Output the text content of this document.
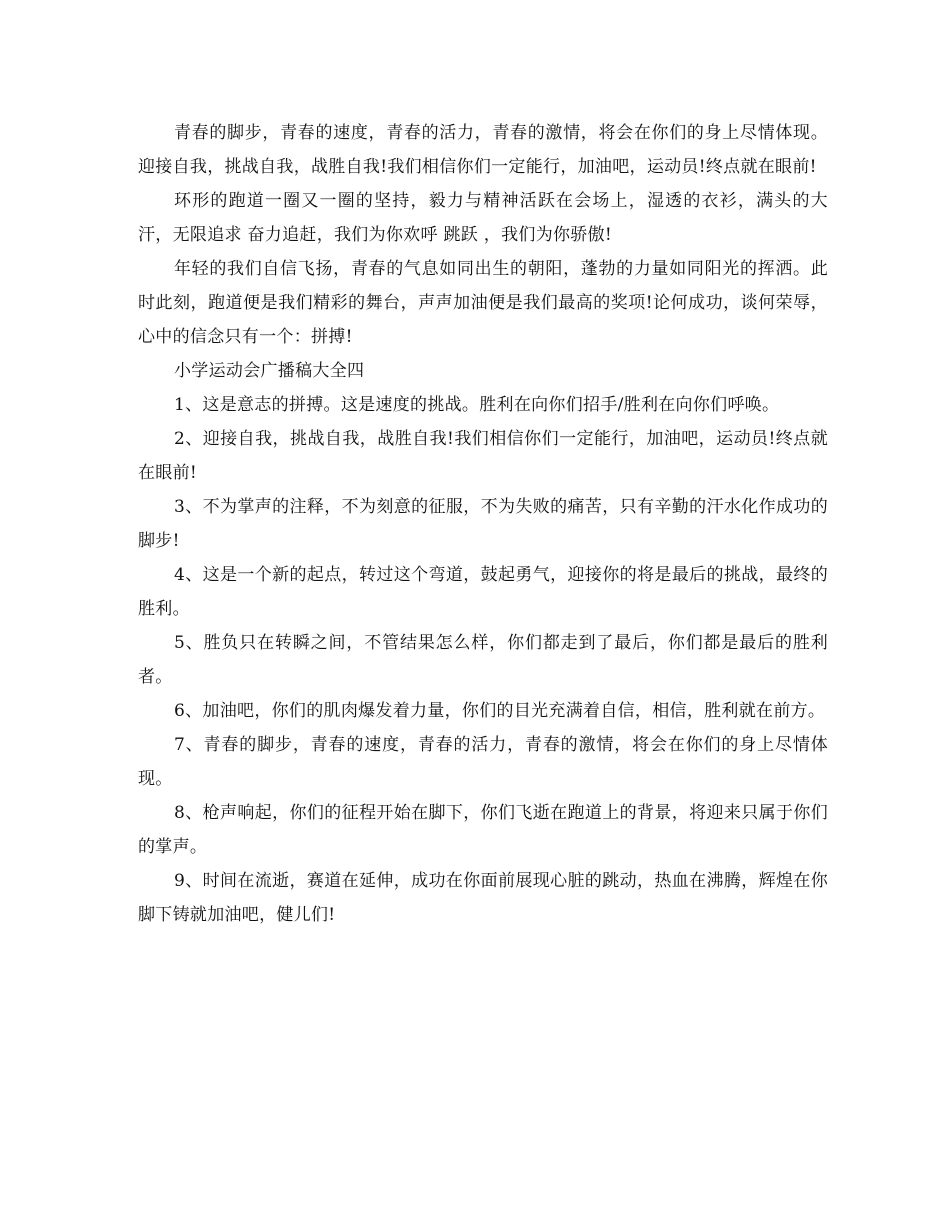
青春的脚步，青春的速度，青春的活力，青春的激情，将会在你们的身上尽情体现。迎接自我，挑战自我，战胜自我!我们相信你们一定能行，加油吧，运动员!终点就在眼前!

环形的跑道一圈又一圈的坚持，毅力与精神活跃在会场上，湿透的衣衫，满头的大汗，无限追求 奋力追赶，我们为你欢呼 跳跃 ，我们为你骄傲!

年轻的我们自信飞扬，青春的气息如同出生的朝阳，蓬勃的力量如同阳光的挥洒。此时此刻，跑道便是我们精彩的舞台，声声加油便是我们最高的奖项!论何成功，谈何荣辱，心中的信念只有一个：拼搏!

小学运动会广播稿大全四

1、这是意志的拼搏。这是速度的挑战。胜利在向你们招手/胜利在向你们呼唤。

2、迎接自我，挑战自我，战胜自我!我们相信你们一定能行，加油吧，运动员!终点就在眼前!

3、不为掌声的注释，不为刻意的征服，不为失败的痛苦，只有辛勤的汗水化作成功的脚步!

4、这是一个新的起点，转过这个弯道，鼓起勇气，迎接你的将是最后的挑战，最终的胜利。

5、胜负只在转瞬之间，不管结果怎么样，你们都走到了最后，你们都是最后的胜利者。

6、加油吧，你们的肌肉爆发着力量，你们的目光充满着自信，相信，胜利就在前方。

7、青春的脚步，青春的速度，青春的活力，青春的激情，将会在你们的身上尽情体现。

8、枪声响起，你们的征程开始在脚下，你们飞逝在跑道上的背景，将迎来只属于你们的掌声。

9、时间在流逝，赛道在延伸，成功在你面前展现心脏的跳动，热血在沸腾，辉煌在你脚下铸就加油吧，健儿们!
